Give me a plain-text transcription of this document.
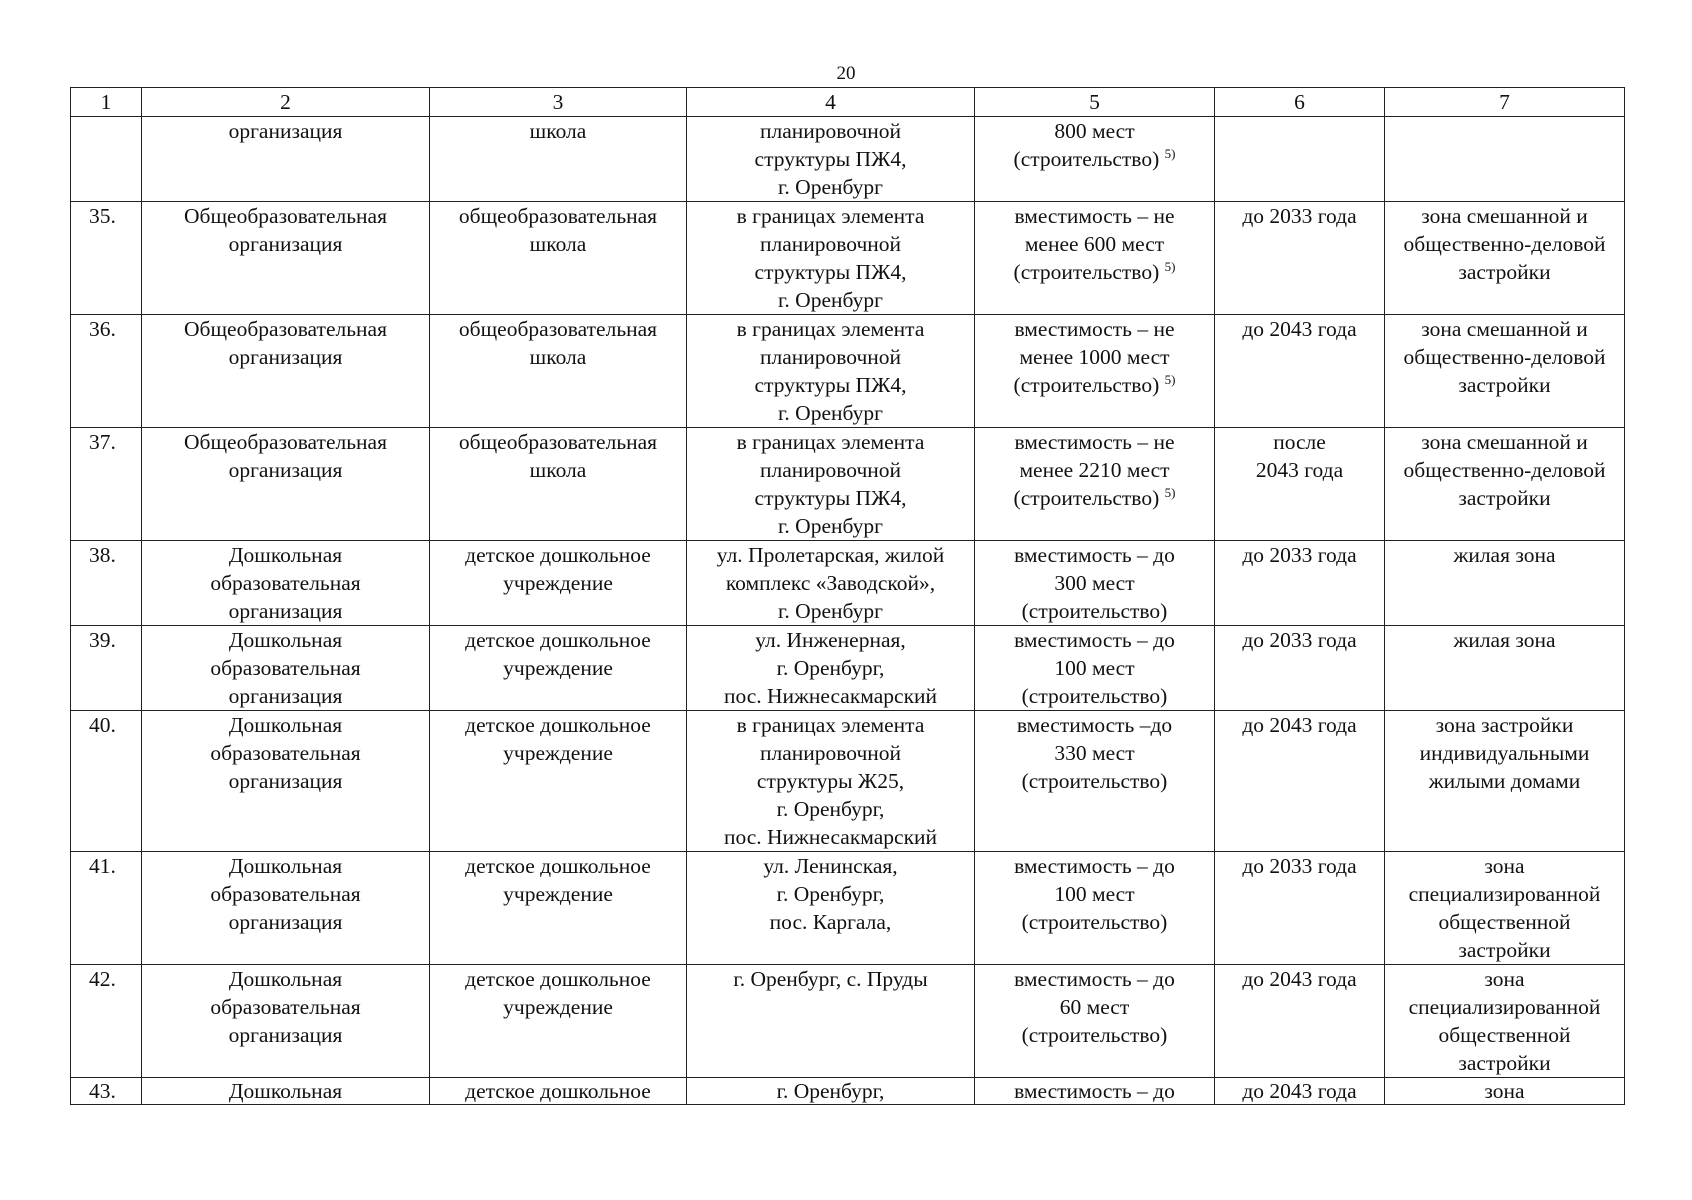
20
1	2	3	4	5	6	7
	организация	школа	планировочной
структуры ПЖ4,
г. Оренбург	800 мест
(строительство) $^{5)}$		
35.	Общеобразовательная
организация	общеобразовательная
школа	в границах элемента
планировочной
структуры ПЖ4,
г. Оренбург	вместимость – не
менее 600 мест
(строительство) $^{5)}$	до 2033 года	зона смешанной и
общественно-деловой
застройки
36.	Общеобразовательная
организация	общеобразовательная
школа	в границах элемента
планировочной
структуры ПЖ4,
г. Оренбург	вместимость – не
менее 1000 мест
(строительство) $^{5)}$	до 2043 года	зона смешанной и
общественно-деловой
застройки
37.	Общеобразовательная
организация	общеобразовательная
школа	в границах элемента
планировочной
структуры ПЖ4,
г. Оренбург	вместимость – не
менее 2210 мест
(строительство) $^{5)}$	после
2043 года	зона смешанной и
общественно-деловой
застройки
38.	Дошкольная
образовательная
организация	детское дошкольное
учреждение	ул. Пролетарская, жилой
комплекс «Заводской»,
г. Оренбург	вместимость – до
300 мест
(строительство)	до 2033 года	жилая зона
39.	Дошкольная
образовательная
организация	детское дошкольное
учреждение	ул. Инженерная,
г. Оренбург,
пос. Нижнесакмарский	вместимость – до
100 мест
(строительство)	до 2033 года	жилая зона
40.	Дошкольная
образовательная
организация	детское дошкольное
учреждение	в границах элемента
планировочной
структуры Ж25,
г. Оренбург,
пос. Нижнесакмарский	вместимость –до
330 мест
(строительство)	до 2043 года	зона застройки
индивидуальными
жилыми домами
41.	Дошкольная
образовательная
организация	детское дошкольное
учреждение	ул. Ленинская,
г. Оренбург,
пос. Каргала,	вместимость – до
100 мест
(строительство)	до 2033 года	зона
специализированной
общественной
застройки
42.	Дошкольная
образовательная
организация	детское дошкольное
учреждение	г. Оренбург, с. Пруды	вместимость – до
60 мест
(строительство)	до 2043 года	зона
специализированной
общественной
застройки
43.	Дошкольная	детское дошкольное	г. Оренбург,	вместимость – до	до 2043 года	зона
